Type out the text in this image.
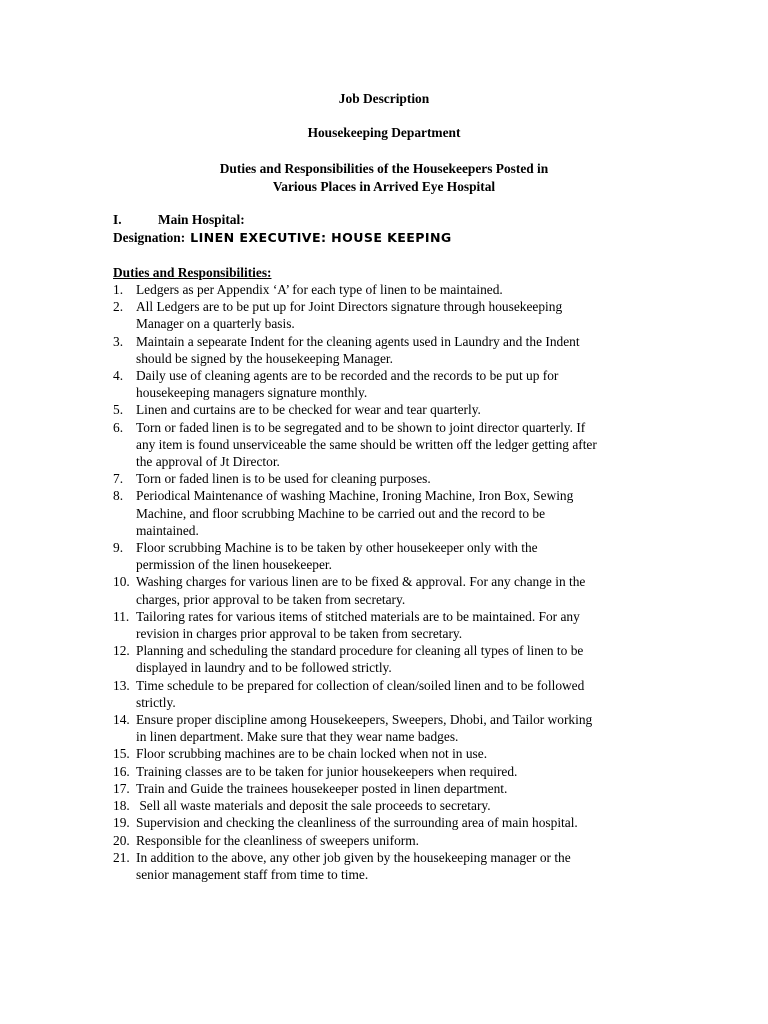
Job Description
Housekeeping Department
Duties and Responsibilities of the Housekeepers Posted in
Various Places in Arrived Eye Hospital
I.	Main Hospital:
Designation: LINEN EXECUTIVE: HOUSE KEEPING
Duties and Responsibilities:
1. Ledgers as per Appendix ‘A’ for each type of linen to be maintained.
2. All Ledgers are to be put up for Joint Directors signature through housekeeping
Manager on a quarterly basis.
3. Maintain a sepearate Indent for the cleaning agents used in Laundry and the Indent
should be signed by the housekeeping Manager.
4. Daily use of cleaning agents are to be recorded and the records to be put up for
housekeeping managers signature monthly.
5. Linen and curtains are to be checked for wear and tear quarterly.
6. Torn or faded linen is to be segregated and to be shown to joint director quarterly. If
any item is found unserviceable the same should be written off the ledger getting after
the approval of Jt Director.
7. Torn or faded linen is to be used for cleaning purposes.
8. Periodical Maintenance of washing Machine, Ironing Machine, Iron Box, Sewing
Machine, and floor scrubbing Machine to be carried out and the record to be
maintained.
9. Floor scrubbing Machine is to be taken by other housekeeper only with the
permission of the linen housekeeper.
10. Washing charges for various linen are to be fixed & approval. For any change in the
charges, prior approval to be taken from secretary.
11. Tailoring rates for various items of stitched materials are to be maintained. For any
revision in charges prior approval to be taken from secretary.
12. Planning and scheduling the standard procedure for cleaning all types of linen to be
displayed in laundry and to be followed strictly.
13. Time schedule to be prepared for collection of clean/soiled linen and to be followed
strictly.
14. Ensure proper discipline among Housekeepers, Sweepers, Dhobi, and Tailor working
in linen department. Make sure that they wear name badges.
15. Floor scrubbing machines are to be chain locked when not in use.
16. Training classes are to be taken for junior housekeepers when required.
17. Train and Guide the trainees housekeeper posted in linen department.
18. Sell all waste materials and deposit the sale proceeds to secretary.
19. Supervision and checking the cleanliness of the surrounding area of main hospital.
20. Responsible for the cleanliness of sweepers uniform.
21. In addition to the above, any other job given by the housekeeping manager or the
senior management staff from time to time.
